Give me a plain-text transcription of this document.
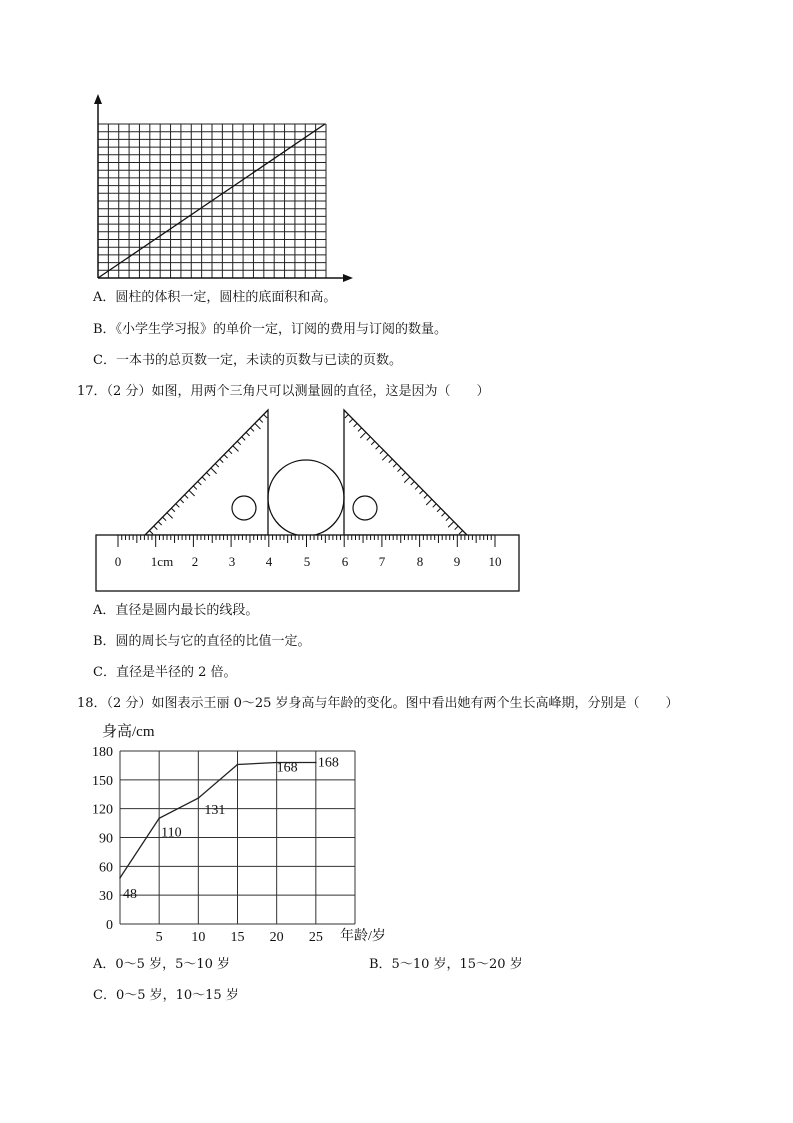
A．圆柱的体积一定，圆柱的底面积和高。
B．《小学生学习报》的单价一定，订阅的费用与订阅的数量。
C．一本书的总页数一定，未读的页数与已读的页数。
17．（2 分）如图，用两个三角尺可以测量圆的直径，这是因为（　　）
0 1cm 2 3 4 5 6 7 8 9 10
A．直径是圆内最长的线段。
B．圆的周长与它的直径的比值一定。
C．直径是半径的 2 倍。
18．（2 分）如图表示王丽 0～25 岁身高与年龄的变化。图中看出她有两个生长高峰期，分别是（　　）
身高/cm
年龄/岁
0
30
60
90
120
150
180
5 10 15 20 25
48
110
131
168 168
A．0～5 岁，5～10 岁	B．5～10 岁，15～20 岁
C．0～5 岁，10～15 岁
